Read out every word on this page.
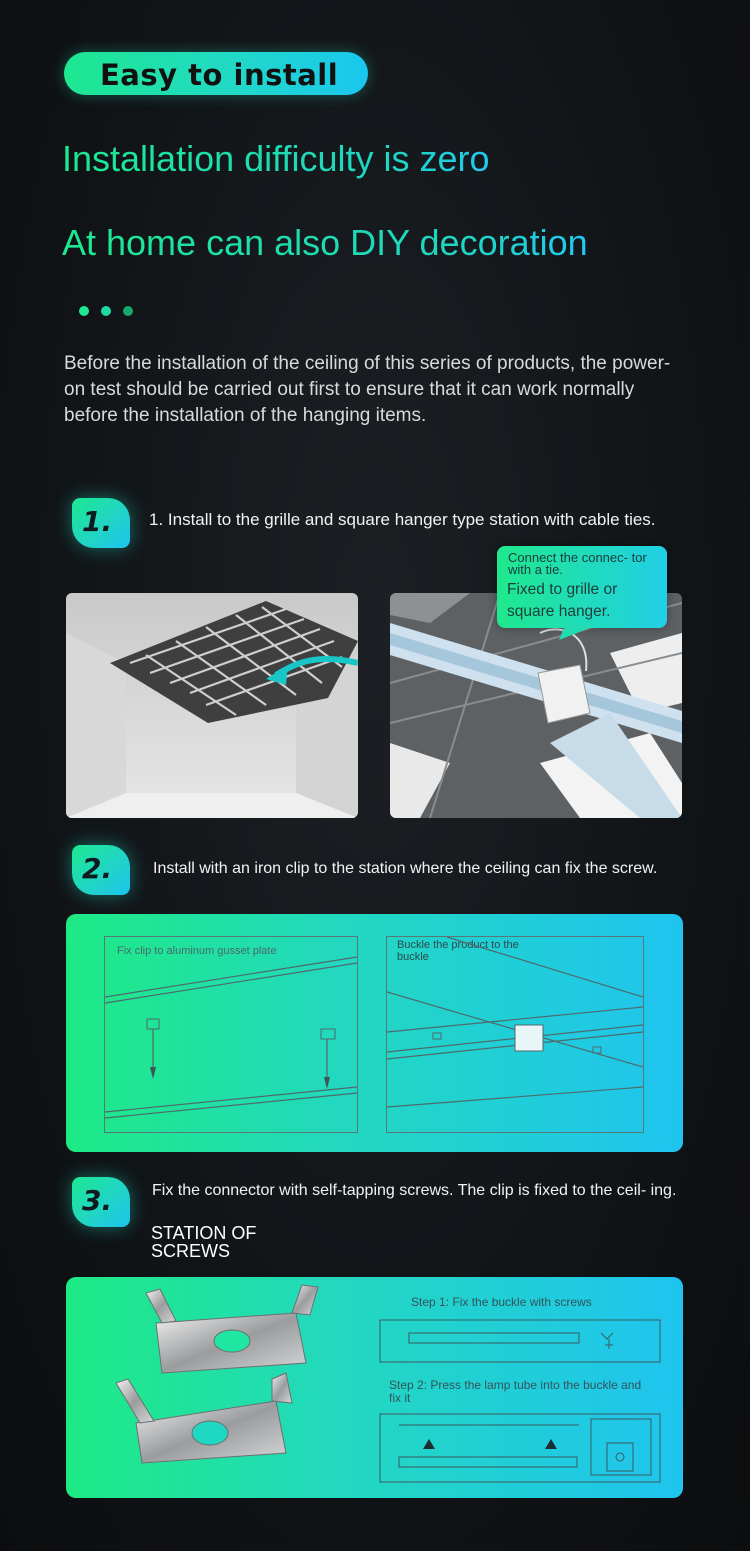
Easy to install
Installation difficulty is zero
At home can also DIY decoration
Before the installation of the ceiling of this series of products, the power-on test should be carried out first to ensure that it can work normally before the installation of the hanging items.
1. 1. Install to the grille and square hanger type station with cable ties.
Connect the connec- tor with a tie.
Fixed to grille or square hanger.
2.	Install with an iron clip to the station where the ceiling can fix the screw.
Fix clip to aluminum gusset plate	Buckle the product to the buckle
3. Fix the connector with self-tapping screws. The clip is fixed to the ceil- ing.
STATION OF SCREWS
Step 1: Fix the buckle with screws
Step 2: Press the lamp tube into the buckle and fix it
